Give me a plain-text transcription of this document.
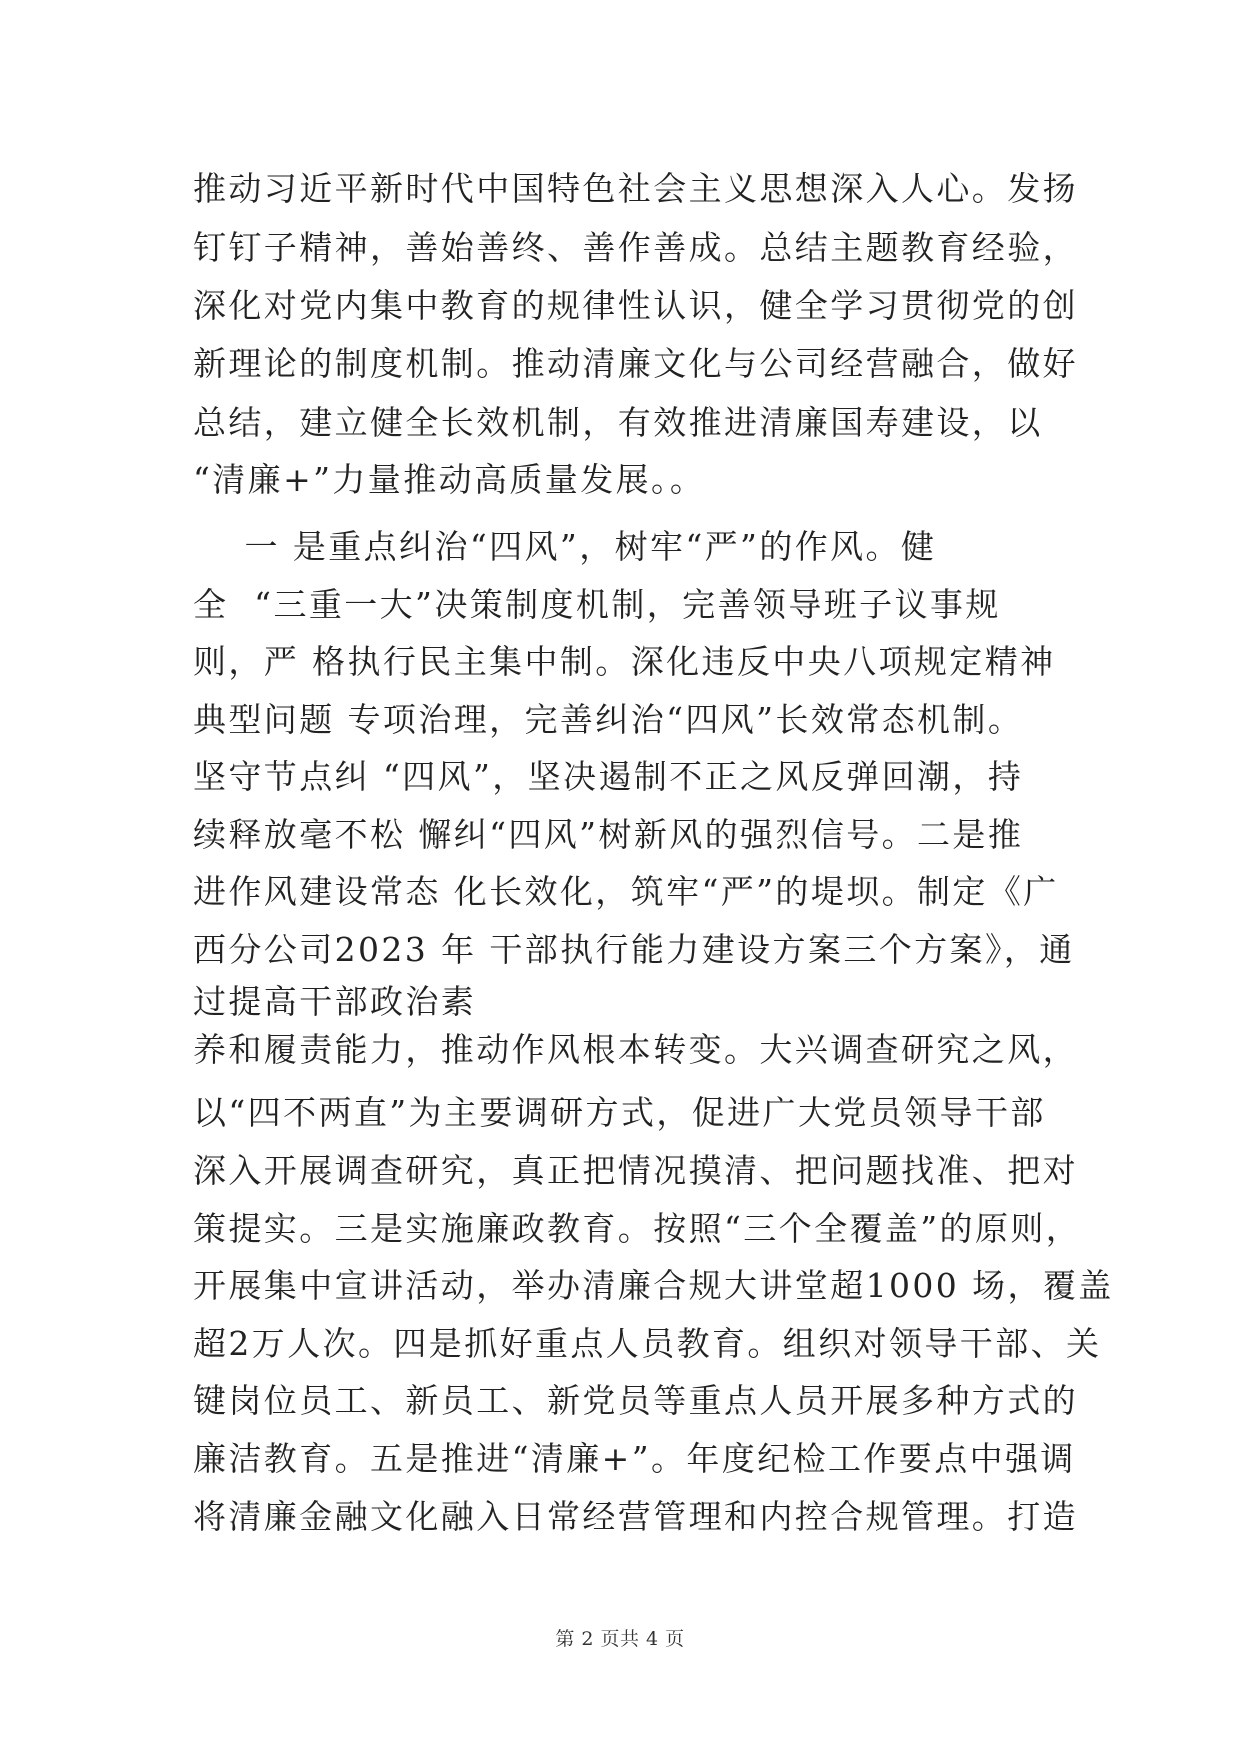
推动习近平新时代中国特色社会主义思想深入人心。发扬
钉钉子精神，善始善终、善作善成。总结主题教育经验，
深化对党内集中教育的规律性认识，健全学习贯彻党的创
新理论的制度机制。推动清廉文化与公司经营融合，做好
总结，建立健全长效机制，有效推进清廉国寿建设，以
“清廉+”力量推动高质量发展。。
一 是重点纠治“四风”，树牢“严”的作风。健
全  “三重一大”决策制度机制，完善领导班子议事规
则，严 格执行民主集中制。深化违反中央八项规定精神
典型问题 专项治理，完善纠治“四风”长效常态机制。
坚守节点纠 “四风”，坚决遏制不正之风反弹回潮，持
续释放毫不松 懈纠“四风”树新风的强烈信号。二是推
进作风建设常态 化长效化，筑牢“严”的堤坝。制定《广
西分公司2023 年 干部执行能力建设方案三个方案》，通
过提高干部政治素
养和履责能力，推动作风根本转变。大兴调查研究之风，
以“四不两直”为主要调研方式，促进广大党员领导干部
深入开展调查研究，真正把情况摸清、把问题找准、把对
策提实。三是实施廉政教育。按照“三个全覆盖”的原则，
开展集中宣讲活动，举办清廉合规大讲堂超1000 场，覆盖
超2万人次。四是抓好重点人员教育。组织对领导干部、关
键岗位员工、新员工、新党员等重点人员开展多种方式的
廉洁教育。五是推进“清廉+”。年度纪检工作要点中强调
将清廉金融文化融入日常经营管理和内控合规管理。打造
第 2 页共 4 页
